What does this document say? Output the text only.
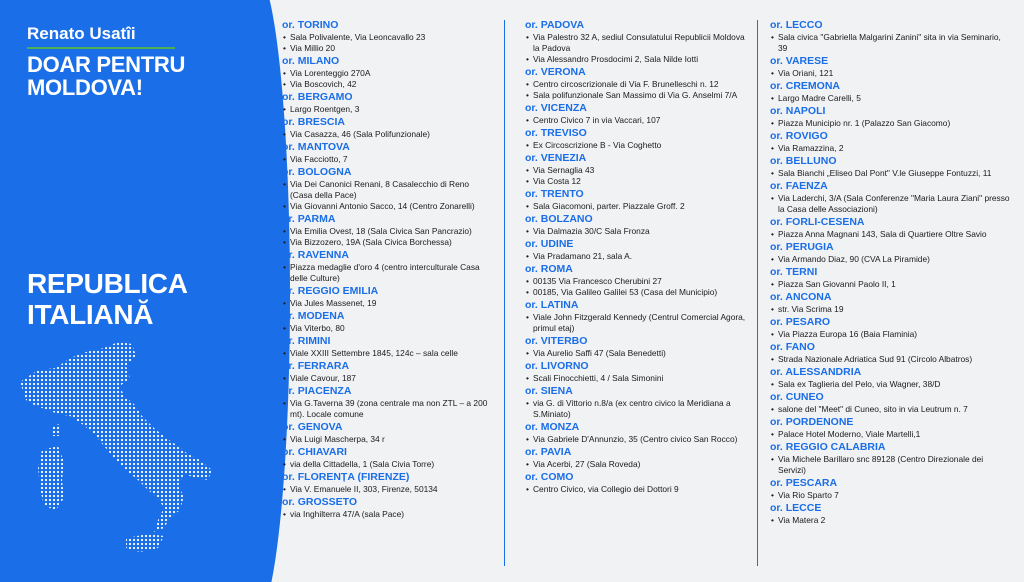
Renato Usatîi
DOAR PENTRU
MOLDOVA!
REPUBLICA
ITALIANĂ
or. TORINO
• Sala Polivalente, Via Leoncavallo 23
• Via Millio 20
or. MILANO
• Via Lorenteggio 270A
• Via Boscovich, 42
or. BERGAMO
• Largo Roentgen, 3
or. BRESCIA
• Via Casazza, 46 (Sala Polifunzionale)
or. MANTOVA
• Via Facciotto, 7
or. BOLOGNA
• Via Dei Canonici Renani, 8 Casalecchio di Reno (Casa della Pace)
• Via Giovanni Antonio Sacco, 14 (Centro Zonarelli)
or. PARMA
• Via Emilia Ovest, 18 (Sala Civica San Pancrazio)
• Via Bizzozero, 19A (Sala Civica Borchessa)
or. RAVENNA
• Piazza medaglie d'oro 4 (centro interculturale Casa delle Culture)
or. REGGIO EMILIA
• Via Jules Massenet, 19
or. MODENA
• Via Viterbo, 80
or. RIMINI
• Viale XXIII Settembre 1845, 124c – sala celle
or. FERRARA
• Viale Cavour, 187
or. PIACENZA
• Via G.Taverna 39 (zona centrale ma non ZTL – a 200 mt). Locale comune
or. GENOVA
• Via Luigi Mascherpa, 34 r
or. CHIAVARI
• via della Cittadella, 1 (Sala Civia Torre)
or. FLORENȚA (FIRENZE)
• Via V. Emanuele II, 303, Firenze, 50134
or. GROSSETO
• via Inghilterra 47/A (sala Pace)
or. PADOVA
• Via Palestro 32 A, sediul Consulatului Republicii Moldova la Padova
• Via Alessandro Prosdocimi 2, Sala Nilde Iotti
or. VERONA
• Centro circoscrizionale di Via F. Brunelleschi n. 12
• Sala polifunzionale San Massimo di Via G. Anselmi 7/A
or. VICENZA
• Centro Civico 7 in via Vaccari, 107
or. TREVISO
• Ex Circoscrizione B - Via Coghetto
or. VENEZIA
• Via Sernaglia 43
• Via Costa 12
or. TRENTO
• Sala Giacomoni, parter. Piazzale Groff. 2
or. BOLZANO
• Via Dalmazia 30/C Sala Fronza
or. UDINE
• Via Pradamano 21, sala A.
or. ROMA
• 00135 Via Francesco Cherubini 27
• 00185, Via Galileo Galilei 53 (Casa del Municipio)
or. LATINA
• Viale John Fitzgerald Kennedy (Centrul Comercial Agora, primul etaj)
or. VITERBO
• Via Aurelio Saffi 47 (Sala Benedetti)
or. LIVORNO
• Scali Finocchietti, 4 / Sala Simonini
or. SIENA
• via G. di Vittorio n.8/a (ex centro civico la Meridiana a S.Miniato)
or. MONZA
• Via Gabriele D'Annunzio, 35 (Centro civico San Rocco)
or. PAVIA
• Via Acerbi, 27 (Sala Roveda)
or. COMO
• Centro Civico, via Collegio dei Dottori 9
or. LECCO
• Sala civica "Gabriella Malgarini Zanini" sita in via Seminario, 39
or. VARESE
• Via Oriani, 121
or. CREMONA
• Largo Madre Carelli, 5
or. NAPOLI
• Piazza Municipio nr. 1 (Palazzo San Giacomo)
or. ROVIGO
• Via Ramazzina, 2
or. BELLUNO
• Sala Bianchi „Eliseo Dal Pont" V.le Giuseppe Fontuzzi, 11
or. FAENZA
• Via Laderchi, 3/A (Sala Conferenze "Maria Laura Ziani" presso la Casa delle Associazioni)
or. FORLI-CESENA
• Piazza Anna Magnani 143, Sala di Quartiere Oltre Savio
or. PERUGIA
• Via Armando Diaz, 90 (CVA La Piramide)
or. TERNI
• Piazza San Giovanni Paolo II, 1
or. ANCONA
• str. Via Scrima 19
or. PESARO
• Via Piazza Europa 16 (Baia Flaminia)
or. FANO
• Strada Nazionale Adriatica Sud 91 (Circolo Albatros)
or. ALESSANDRIA
• Sala ex Taglieria del Pelo, via Wagner, 38/D
or. CUNEO
• salone del "Meet" di Cuneo, sito in via Leutrum n. 7
or. PORDENONE
• Palace Hotel Moderno, Viale Martelli,1
or. REGGIO CALABRIA
• Via Michele Barillaro snc 89128 (Centro Direzionale dei Servizi)
or. PESCARA
• Via Rio Sparto 7
or. LECCE
• Via Matera 2
